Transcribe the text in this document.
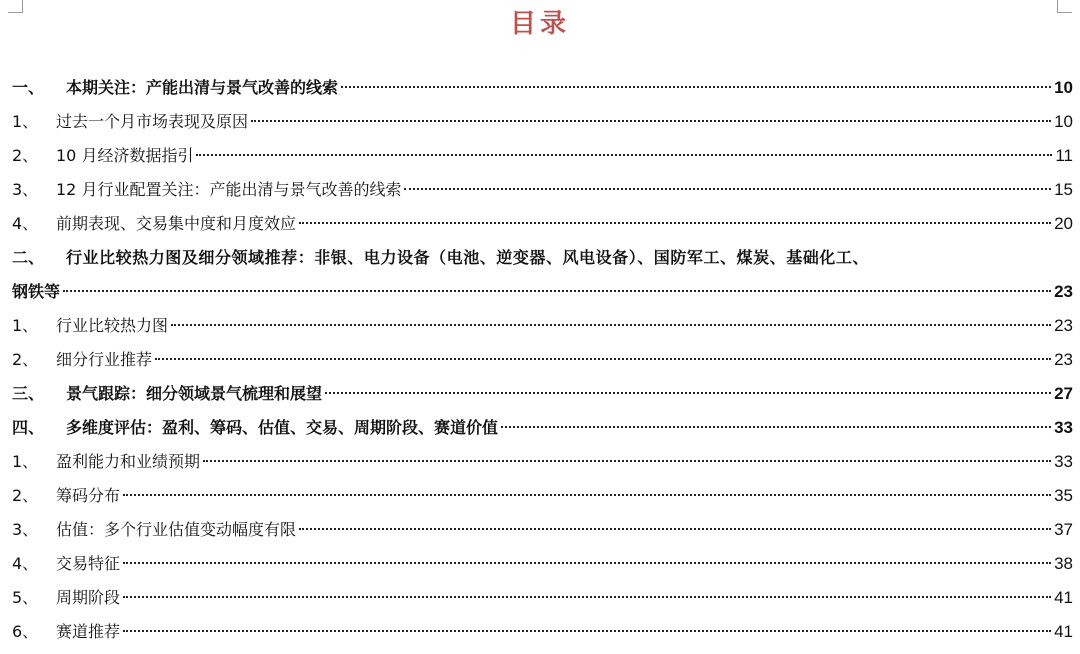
目录
一、	本期关注：产能出清与景气改善的线索	10
1、	过去一个月市场表现及原因	10
2、	10 月经济数据指引	11
3、	12 月行业配置关注：产能出清与景气改善的线索	15
4、	前期表现、交易集中度和月度效应	20
二、	行业比较热力图及细分领域推荐：非银、电力设备（电池、逆变器、风电设备）、国防军工、煤炭、基础化工、
钢铁等	23
1、	行业比较热力图	23
2、	细分行业推荐	23
三、	景气跟踪：细分领域景气梳理和展望	27
四、	多维度评估：盈利、筹码、估值、交易、周期阶段、赛道价值	33
1、	盈利能力和业绩预期	33
2、	筹码分布	35
3、	估值：多个行业估值变动幅度有限	37
4、	交易特征	38
5、	周期阶段	41
6、	赛道推荐	41
